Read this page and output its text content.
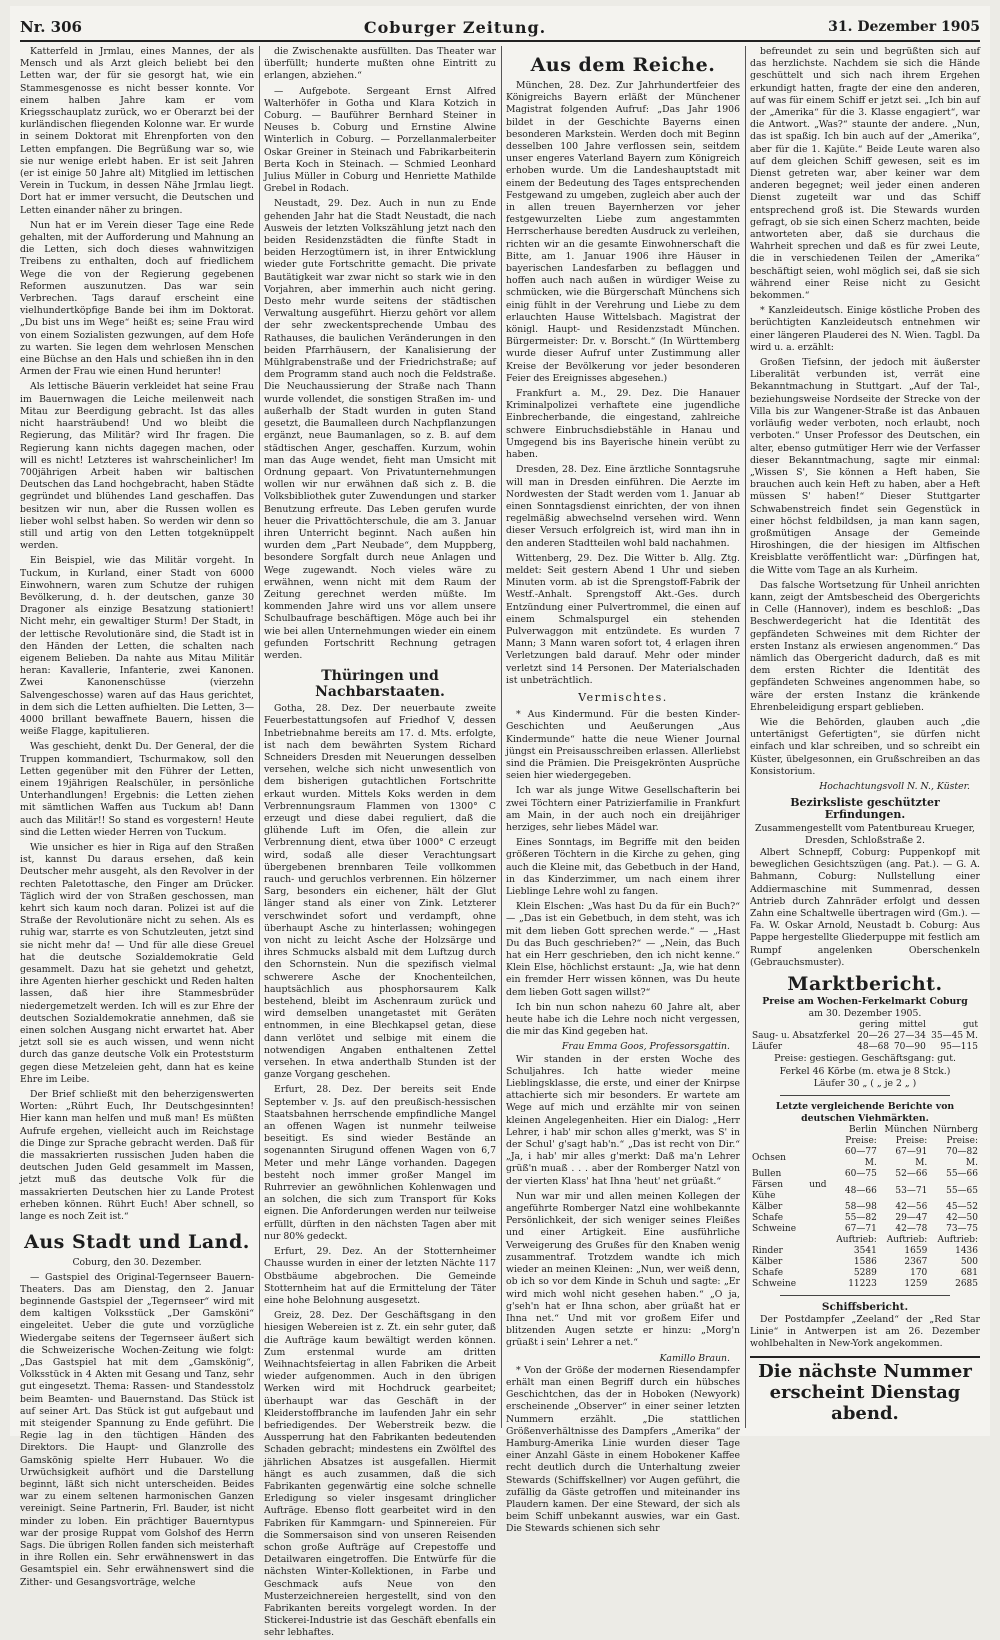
Nr. 306	Coburger Zeitung.	31. Dezember 1905

Katterfeld in Jrmlau, eines Mannes, der als Mensch und als Arzt gleich beliebt bei den Letten war, der für sie gesorgt hat, wie ein Stammesgenosse es nicht besser konnte. Vor einem halben Jahre kam er vom Kriegsschauplatz zurück, wo er Oberarzt bei der kurländischen fliegenden Kolonne war. Er wurde in seinem Doktorat mit Ehrenpforten von den Letten empfangen. Die Begrüßung war so, wie sie nur wenige erlebt haben. Er ist seit Jahren (er ist einige 50 Jahre alt) Mitglied im lettischen Verein in Tuckum, in dessen Nähe Jrmlau liegt. Dort hat er immer versucht, die Deutschen und Letten einander näher zu bringen.

Nun hat er im Verein dieser Tage eine Rede gehalten, mit der Aufforderung und Mahnung an die Letten, sich doch dieses wahnwitzigen Treibens zu enthalten, doch auf friedlichem Wege die von der Regierung gegebenen Reformen auszunutzen. Das war sein Verbrechen. Tags darauf erscheint eine vielhundertköpfige Bande bei ihm im Doktorat. „Du bist uns im Wege“ heißt es; seine Frau wird von einem Sozialisten gezwungen, auf dem Hofe zu warten. Sie legen dem wehrlosen Menschen eine Büchse an den Hals und schießen ihn in den Armen der Frau wie einen Hund herunter!

Als lettische Bäuerin verkleidet hat seine Frau im Bauernwagen die Leiche meilenweit nach Mitau zur Beerdigung gebracht. Ist das alles nicht haarsträubend! Und wo bleibt die Regierung, das Militär? wird Ihr fragen. Die Regierung kann nichts dagegen machen, oder will es nicht! Letzteres ist wahrscheinlicher! Im 700jährigen Arbeit haben wir baltischen Deutschen das Land hochgebracht, haben Städte gegründet und blühendes Land geschaffen. Das besitzen wir nun, aber die Russen wollen es lieber wohl selbst haben. So werden wir denn so still und artig von den Letten totgeknüppelt werden.

Ein Beispiel, wie das Militär vorgeht. In Tuckum, in Kurland, einer Stadt von 6000 Einwohnern, waren zum Schutze der ruhigen Bevölkerung, d. h. der deutschen, ganze 30 Dragoner als einzige Besatzung stationiert! Nicht mehr, ein gewaltiger Sturm! Der Stadt, in der lettische Revolutionäre sind, die Stadt ist in den Händen der Letten, die schalten nach eigenem Belieben. Da nahte aus Mitau Militär heran: Kavallerie, Infanterie, zwei Kanonen. Zwei Kanonenschüsse (vierzehn Salvengeschosse) waren auf das Haus gerichtet, in dem sich die Letten aufhielten. Die Letten, 3—4000 brillant bewaffnete Bauern, hissen die weiße Flagge, kapitulieren.

Was geschieht, denkt Du. Der General, der die Truppen kommandiert, Tschurmakow, soll den Letten gegenüber mit den Führer der Letten, einem 19jährigen Realschüler, in persönliche Unterhandlungen! Ergebnis: die Letten ziehen mit sämtlichen Waffen aus Tuckum ab! Dann auch das Militär!! So stand es vorgestern! Heute sind die Letten wieder Herren von Tuckum.

Wie unsicher es hier in Riga auf den Straßen ist, kannst Du daraus ersehen, daß kein Deutscher mehr ausgeht, als den Revolver in der rechten Paletottasche, den Finger am Drücker. Täglich wird der von Straßen geschossen, man kehrt sich kaum noch daran. Polizei ist auf die Straße der Revolutionäre nicht zu sehen. Als es ruhig war, starrte es von Schutzleuten, jetzt sind sie nicht mehr da! — Und für alle diese Greuel hat die deutsche Sozialdemokratie Geld gesammelt. Dazu hat sie gehetzt und gehetzt, ihre Agenten hierher geschickt und Reden halten lassen, daß hier ihre Stammesbrüder niedergemetzelt werden. Ich will es zur Ehre der deutschen Sozialdemokratie annehmen, daß sie einen solchen Ausgang nicht erwartet hat. Aber jetzt soll sie es auch wissen, und wenn nicht durch das ganze deutsche Volk ein Proteststurm gegen diese Metzeleien geht, dann hat es keine Ehre im Leibe.

Der Brief schließt mit den beherzigenswerten Worten: „Rührt Euch, Ihr Deutschgesinnten! Hier kann man helfen und muß man! Es müßten Aufrufe ergehen, vielleicht auch im Reichstage die Dinge zur Sprache gebracht werden. Daß für die massakrierten russischen Juden haben die deutschen Juden Geld gesammelt im Massen, jetzt muß das deutsche Volk für die massakrierten Deutschen hier zu Lande Protest erheben können. Rührt Euch! Aber schnell, so lange es noch Zeit ist.“

Aus Stadt und Land.
Coburg, den 30. Dezember.

— Gastspiel des Original-Tegernseer Bauern-Theaters. Das am Dienstag, den 2. Januar beginnende Gastspiel der „Tegernseer“ wird mit dem kaltigen Volksstück „Der Gamsköni“ eingeleitet. Ueber die gute und vorzügliche Wiedergabe seitens der Tegernseer äußert sich die Schweizerische Wochen-Zeitung wie folgt: „Das Gastspiel hat mit dem „Gamskönig“, Volksstück in 4 Akten mit Gesang und Tanz, sehr gut eingesetzt. Thema: Rassen- und Standesstolz beim Beamten- und Bauernstand. Das Stück ist auf seiner Art. Das Stück ist gut aufgebaut und mit steigender Spannung zu Ende geführt. Die Regie lag in den tüchtigen Händen des Direktors. Die Haupt- und Glanzrolle des Gamskönig spielte Herr Hubauer. Wo die Urwüchsigkeit aufhört und die Darstellung beginnt, läßt sich nicht unterscheiden. Beides war zu einem seltenen harmonischen Ganzen vereinigt. Seine Partnerin, Frl. Bauder, ist nicht minder zu loben. Ein prächtiger Bauerntypus war der prosige Ruppat vom Golshof des Herrn Sags. Die übrigen Rollen fanden sich meisterhaft in ihre Rollen ein. Sehr erwähnenswert in das Gesamtspiel ein. Sehr erwähnenswert sind die Zither- und Gesangsvorträge, welche

die Zwischenakte ausfüllten. Das Theater war überfüllt; hunderte mußten ohne Eintritt zu erlangen, abziehen.“

— Aufgebote. Sergeant Ernst Alfred Walterhöfer in Gotha und Klara Kotzich in Coburg. — Bauführer Bernhard Steiner in Neuses b. Coburg und Ernstine Alwine Winterlich in Coburg. — Porzellanmalerbeiter Oskar Greiner in Steinach und Fabrikarbeiterin Berta Koch in Steinach. — Schmied Leonhard Julius Müller in Coburg und Henriette Mathilde Grebel in Rodach.

Neustadt, 29. Dez. Auch in nun zu Ende gehenden Jahr hat die Stadt Neustadt, die nach Ausweis der letzten Volkszählung jetzt nach den beiden Residenzstädten die fünfte Stadt in beiden Herzogtümern ist, in ihrer Entwicklung wieder gute Fortschritte gemacht. Die private Bautätigkeit war zwar nicht so stark wie in den Vorjahren, aber immerhin auch nicht gering. Desto mehr wurde seitens der städtischen Verwaltung ausgeführt. Hierzu gehört vor allem der sehr zweckentsprechende Umbau des Rathauses, die baulichen Veränderungen in den beiden Pfarrhäusern, der Kanalisierung der Mühlgrabenstraße und der Friedrichstraße; auf dem Programm stand auch noch die Feldstraße. Die Neuchaussierung der Straße nach Thann wurde vollendet, die sonstigen Straßen im- und außerhalb der Stadt wurden in guten Stand gesetzt, die Baumalleen durch Nachpflanzungen ergänzt, neue Baumanlagen, so z. B. auf dem städtischen Anger, geschaffen. Kurzum, wohin man das Auge wendet, fieht man Umsicht mit Ordnung gepaart. Von Privatunternehmungen wollen wir nur erwähnen daß sich z. B. die Volksbibliothek guter Zuwendungen und starker Benutzung erfreute. Das Leben gerufen wurde heuer die Privattöchterschule, die am 3. Januar ihren Unterricht beginnt. Nach außen hin wurden dem „Part Neubade“, dem Muppberg, besondere Sorgfalt durch neue Anlagen und Wege zugewandt. Noch vieles wäre zu erwähnen, wenn nicht mit dem Raum der Zeitung gerechnet werden müßte. Im kommenden Jahre wird uns vor allem unsere Schulbaufrage beschäftigen. Möge auch bei ihr wie bei allen Unternehmungen wieder ein einem gefunden Fortschritt Rechnung getragen werden.

Thüringen und Nachbarstaaten.

Gotha, 28. Dez. Der neuerbaute zweite Feuerbestattungsofen auf Friedhof V, dessen Inbetriebnahme bereits am 17. d. Mts. erfolgte, ist nach dem bewährten System Richard Schneiders Dresden mit Neuerungen desselben versehen, welche sich nicht unwesentlich von dem bisherigen gutachtlichen Fortschritte erkaut wurden. Mittels Koks werden in dem Verbrennungsraum Flammen von 1300° C erzeugt und diese dabei reguliert, daß die glühende Luft im Ofen, die allein zur Verbrennung dient, etwa über 1000° C erzeugt wird, sodaß alle dieser Verachtungsart übergebenen brennbaren Teile vollkommen rauch- und geruchlos verbrennen. Ein hölzerner Sarg, besonders ein eichener, hält der Glut länger stand als einer von Zink. Letzterer verschwindet sofort und verdampft, ohne überhaupt Asche zu hinterlassen; wohingegen von nicht zu leicht Asche der Holzsärge und ihres Schmucks alsbald mit dem Luftzug durch den Schornstein. Nun die spezifisch vielmal schwerere Asche der Knochenteilchen, hauptsächlich aus phosphorsaurem Kalk bestehend, bleibt im Aschenraum zurück und wird demselben unangetastet mit Geräten entnommen, in eine Blechkapsel getan, diese dann verlötet und selbige mit einem die notwendigen Angaben enthaltenen Zettel versehen. In etwa anderthalb Stunden ist der ganze Vorgang geschehen.

Erfurt, 28. Dez. Der bereits seit Ende September v. Js. auf den preußisch-hessischen Staatsbahnen herrschende empfindliche Mangel an offenen Wagen ist nunmehr teilweise beseitigt. Es sind wieder Bestände an sogenannten Sirugund offenen Wagen von 6,7 Meter und mehr Länge vorhanden. Dagegen besteht noch immer großer Mangel im Ruhrrevier an gewöhnlichen Kohlenwagen und an solchen, die sich zum Transport für Koks eignen. Die Anforderungen werden nur teilweise erfüllt, dürften in den nächsten Tagen aber mit nur 80% gedeckt.

Erfurt, 29. Dez. An der Stotternheimer Chausse wurden in einer der letzten Nächte 117 Obstbäume abgebrochen. Die Gemeinde Stotternheim hat auf die Ermittelung der Täter eine hohe Belohnung ausgesetzt.

Greiz, 28. Dez. Der Geschäftsgang in den hiesigen Webereien ist z. Zt. ein sehr guter, daß die Aufträge kaum bewältigt werden können. Zum erstenmal wurde am dritten Weihnachtsfeiertag in allen Fabriken die Arbeit wieder aufgenommen. Auch in den übrigen Werken wird mit Hochdruck gearbeitet; überhaupt war das Geschäft in der Kleiderstoffbranche im laufenden Jahr ein sehr befriedigendes. Der Weberstreik bezw. die Aussperrung hat den Fabrikanten bedeutenden Schaden gebracht; mindestens ein Zwölftel des jährlichen Absatzes ist ausgefallen. Hiermit hängt es auch zusammen, daß die sich Fabrikanten gegenwärtig eine solche schnelle Erledigung so vieler insgesamt dringlicher Aufträge. Ebenso flott gearbeitet wird in den Fabriken für Kammgarn- und Spinnereien. Für die Sommersaison sind von unseren Reisenden schon große Aufträge auf Crepestoffe und Detailwaren eingetroffen. Die Entwürfe für die nächsten Winter-Kollektionen, in Farbe und Geschmack aufs Neue von den Musterzeichnereien hergestellt, sind von den Fabrikanten bereits vorgelegt worden. In der Stickerei-Industrie ist das Geschäft ebenfalls ein sehr lebhaftes.

Aus dem Reiche.

München, 28. Dez. Zur Jahrhundertfeier des Königreichs Bayern erläßt der Münchener Magistrat folgenden Aufruf: „Das Jahr 1906 bildet in der Geschichte Bayerns einen besonderen Markstein. Werden doch mit Beginn desselben 100 Jahre verflossen sein, seitdem unser engeres Vaterland Bayern zum Königreich erhoben wurde. Um die Landeshauptstadt mit einem der Bedeutung des Tages entsprechenden Festgewand zu umgeben, zugleich aber auch der in allen treuen Bayernherzen vor jeher festgewurzelten Liebe zum angestammten Herrscherhause beredten Ausdruck zu verleihen, richten wir an die gesamte Einwohnerschaft die Bitte, am 1. Januar 1906 ihre Häuser in bayerischen Landesfarben zu beflaggen und hoffen auch nach außen in würdiger Weise zu schmücken, wie die Bürgerschaft Münchens sich einig fühlt in der Verehrung und Liebe zu dem erlauchten Hause Wittelsbach. Magistrat der königl. Haupt- und Residenzstadt München. Bürgermeister: Dr. v. Borscht.“ (In Württemberg wurde dieser Aufruf unter Zustimmung aller Kreise der Bevölkerung vor jeder besonderen Feier des Ereignisses abgesehen.)

Frankfurt a. M., 29. Dez. Die Hanauer Kriminalpolizei verhaftete eine jugendliche Einbrecherbande, die eingestand, zahlreiche schwere Einbruchsdiebstähle in Hanau und Umgegend bis ins Bayerische hinein verübt zu haben.

Dresden, 28. Dez. Eine ärztliche Sonntagsruhe will man in Dresden einführen. Die Aerzte im Nordwesten der Stadt werden vom 1. Januar ab einen Sonntagsdienst einrichten, der von ihnen regelmäßig abwechselnd versehen wird. Wenn dieser Versuch erfolgreich ist, wird man ihn in den anderen Stadtteilen wohl bald nachahmen.

Wittenberg, 29. Dez. Die Witter b. Allg. Ztg. meldet: Seit gestern Abend 1 Uhr und sieben Minuten vorm. ab ist die Sprengstoff-Fabrik der Westf.-Anhalt. Sprengstoff Akt.-Ges. durch Entzündung einer Pulvertrommel, die einen auf einem Schmalspurgel ein stehenden Pulverwaggon mit entzündete. Es wurden 7 Mann; 3 Mann waren sofort tot, 4 erlagen ihren Verletzungen bald darauf. Mehr oder minder verletzt sind 14 Personen. Der Materialschaden ist unbeträchtlich.

Vermischtes.

* Aus Kindermund. Für die besten Kinder-Geschichten und Aeußerungen „Aus Kindermunde“ hatte die neue Wiener Journal jüngst ein Preisausschreiben erlassen. Allerliebst sind die Prämien. Die Preisgekrönten Ausprüche seien hier wiedergegeben.

Ich war als junge Witwe Gesellschafterin bei zwei Töchtern einer Patrizierfamilie in Frankfurt am Main, in der auch noch ein dreijähriger herziges, sehr liebes Mädel war.

Eines Sonntags, im Begriffe mit den beiden größeren Töchtern in die Kirche zu gehen, ging auch die Kleine mit, das Gebetbuch in der Hand, in das Kinderzimmer, um nach einem ihrer Lieblinge Lehre wohl zu fangen.

Klein Elschen: „Was hast Du da für ein Buch?“ — „Das ist ein Gebetbuch, in dem steht, was ich mit dem lieben Gott sprechen werde.“ — „Hast Du das Buch geschrieben?“ — „Nein, das Buch hat ein Herr geschrieben, den ich nicht kenne.“ Klein Else, höchlichst erstaunt: „Ja, wie hat denn ein fremder Herr wissen können, was Du heute dem lieben Gott sagen willst?“

Ich bin nun schon nahezu 60 Jahre alt, aber heute habe ich die Lehre noch nicht vergessen, die mir das Kind gegeben hat.

Frau Emma Goos, Professorsgattin.

Wir standen in der ersten Woche des Schuljahres. Ich hatte wieder meine Lieblingsklasse, die erste, und einer der Knirpse attachierte sich mir besonders. Er wartete am Wege auf mich und erzählte mir von seinen kleinen Angelegenheiten. Hier ein Dialog: „Herr Lehrer, i hab' mir schon alles g'merkt, was S' in der Schul' g'sagt hab'n.“ „Das ist recht von Dir.“ „Ja, i hab' mir alles g'merkt: Daß ma'n Lehrer grüß'n muaß . . . aber der Romberger Natzl von der vierten Klass' hat Ihna 'heut' net grüaßt.“

Nun war mir und allen meinen Kollegen der angeführte Romberger Natzl eine wohlbekannte Persönlichkeit, der sich weniger seines Fleißes und einer Artigkeit. Eine ausführliche Verweigerung des Grußes für den Knaben wenig zusammentraf. Trotzdem wandte ich mich wieder an meinen Kleinen: „Nun, wer weiß denn, ob ich so vor dem Kinde in Schuh und sagte: „Er wird mich wohl nicht gesehen haben.“ „O ja, g'seh'n hat er Ihna schon, aber grüaßt hat er Ihna net.“ Und mit vor großem Eifer und blitzenden Augen setzte er hinzu: „Morg'n grüaßt i sein' Lehrer a net.“

Kamillo Braun.

* Von der Größe der modernen Riesendampfer erhält man einen Begriff durch ein hübsches Geschichtchen, das der in Hoboken (Newyork) erscheinende „Observer“ in einer seiner letzten Nummern erzählt. „Die stattlichen Größenverhältnisse des Dampfers „Amerika“ der Hamburg-Amerika Linie wurden dieser Tage einer Anzahl Gäste in einem Hobokener Kaffee recht deutlich durch die Unterhaltung zweier Stewards (Schiffskellner) vor Augen geführt, die zufällig da Gäste getroffen und miteinander ins Plaudern kamen. Der eine Steward, der sich als beim Schiff unbekannt auswies, war ein Gast. Die Stewards schienen sich sehr

befreundet zu sein und begrüßten sich auf das herzlichste. Nachdem sie sich die Hände geschüttelt und sich nach ihrem Ergehen erkundigt hatten, fragte der eine den anderen, auf was für einem Schiff er jetzt sei. „Ich bin auf der „Amerika“ für die 3. Klasse engagiert“, war die Antwort. „Was?“ staunte der andere. „Nun, das ist spaßig. Ich bin auch auf der „Amerika“, aber für die 1. Kajüte.“ Beide Leute waren also auf dem gleichen Schiff gewesen, seit es im Dienst getreten war, aber keiner war dem anderen begegnet; weil jeder einen anderen Dienst zugeteilt war und das Schiff entsprechend groß ist. Die Stewards wurden gefragt, ob sie sich einen Scherz machten, beide antworteten aber, daß sie durchaus die Wahrheit sprechen und daß es für zwei Leute, die in verschiedenen Teilen der „Amerika“ beschäftigt seien, wohl möglich sei, daß sie sich während einer Reise nicht zu Gesicht bekommen.“

* Kanzleideutsch. Einige köstliche Proben des berüchtigten Kanzleideutsch entnehmen wir einer längeren Plauderei des N. Wien. Tagbl. Da wird u. a. erzählt:

Großen Tiefsinn, der jedoch mit äußerster Liberalität verbunden ist, verrät eine Bekanntmachung in Stuttgart. „Auf der Tal-, beziehungsweise Nordseite der Strecke von der Villa bis zur Wangener-Straße ist das Anbauen vorläufig weder verboten, noch erlaubt, noch verboten.“ Unser Professor des Deutschen, ein alter, ebenso gutmütiger Herr wie der Verfasser dieser Bekanntmachung, sagte mir einmal: „Wissen S', Sie können a Heft haben, Sie brauchen auch kein Heft zu haben, aber a Heft müssen S' haben!“ Dieser Stuttgarter Schwabenstreich findet sein Gegenstück in einer höchst feldbildsen, ja man kann sagen, großmütigen Ansage der Gemeinde Hiroshingen, die der hiesigen im Altfischen Kreisblatte veröffentlicht war: „Dürfingen hat, die Witte vom Tage an als Kurheim.

Das falsche Wortsetzung für Unheil anrichten kann, zeigt der Amtsbescheid des Obergerichts in Celle (Hannover), indem es beschloß: „Das Beschwerdegericht hat die Identität des gepfändeten Schweines mit dem Richter der ersten Instanz als erwiesen angenommen.“ Das nämlich das Obergericht dadurch, daß es mit dem ersten Richter die Identität des gepfändeten Schweines angenommen habe, so wäre der ersten Instanz die kränkende Ehrenbeleidigung erspart geblieben.

Wie die Behörden, glauben auch „die untertänigst Gefertigten“, sie dürfen nicht einfach und klar schreiben, und so schreibt ein Küster, übelgesonnen, ein Grußschreiben an das Konsistorium.

Hochachtungsvoll N. N., Küster.
Bezirksliste geschützter Erfindungen.
Zusammengestellt vom Patentbureau Krueger, Dresden, Schloßstraße 2.

Albert Schnepff, Coburg: Puppenkopf mit beweglichen Gesichtszügen (ang. Pat.). — G. A. Bahmann, Coburg: Nullstellung einer Addiermaschine mit Summenrad, dessen Antrieb durch Zahnräder erfolgt und dessen Zahn eine Schaltwelle übertragen wird (Gm.). — Fa. W. Oskar Arnold, Neustadt b. Coburg: Aus Pappe hergestellte Gliederpuppe mit festlich am Rumpf angelenken Oberschenkeln (Gebrauchsmuster).

Marktbericht.
Preise am Wochen-Ferkelmarkt Coburg
am 30. Dezember 1905.
	gering	mittel	gut
Saug- u. Absatzferkel	20—26	27—34	35—45 M.
Läufer	48—68	70—90	95—115
Preise: gestiegen. Geschäftsgang: gut.
Ferkel 46 Körbe (m. etwa je 8 Stck.)
Läufer 30 „ ( „ je 2 „ )
Letzte vergleichende Berichte von deutschen Viehmärkten.
	Berlin	München	Nürnberg
	Preise:	Preise:	Preise:
Ochsen	60—77 M.	67—91 M.	70—82 M.
Bullen	60—75	52—66	55—66
Färsen und Kühe	48—66	53—71	55—65
Kälber	58—98	42—56	45—52
Schafe	55—82	29—47	42—50
Schweine	67—71	42—78	73—75
	Auftrieb:	Auftrieb:	Auftrieb:
Rinder	3541	1659	1436
Kälber	1586	2367	500
Schafe	5289	170	681
Schweine	11223	1259	2685
Schiffsbericht.

Der Postdampfer „Zeeland“ der „Red Star Linie“ in Antwerpen ist am 26. Dezember wohlbehalten in New-York angekommen.

Die nächste Nummer erscheint Dienstag abend.
